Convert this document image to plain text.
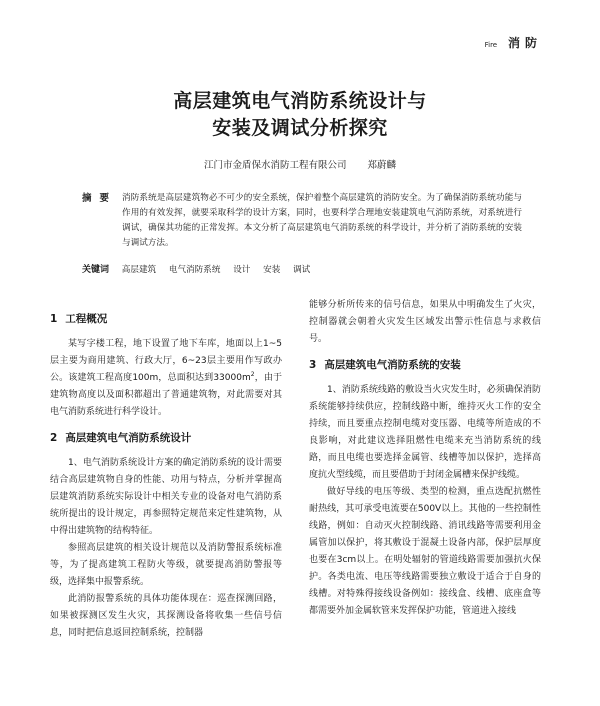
Fire 消防
高层建筑电气消防系统设计与
安装及调试分析探究
江门市金盾保水消防工程有限公司 郑蔚麟
摘要 消防系统是高层建筑物必不可少的安全系统，保护着整个高层建筑的消防安全。为了确保消防系统功能与作用的有效发挥，就要采取科学的设计方案，同时，也要科学合理地安装建筑电气消防系统，对系统进行调试，确保其功能的正常发挥。本文分析了高层建筑电气消防系统的科学设计，并分析了消防系统的安装与调试方法。
关键词 高层建筑 电气消防系统 设计 安装 调试
1 工程概况

某写字楼工程，地下设置了地下车库，地面以上1~5层主要为商用建筑、行政大厅，6~23层主要用作写政办公。该建筑工程高度100m，总面积达到$33000m^2$，由于建筑物高度以及面积都超出了普通建筑物，对此需要对其电气消防系统进行科学设计。

2 高层建筑电气消防系统设计

1、电气消防系统设计方案的确定消防系统的设计需要结合高层建筑物自身的性能、功用与特点，分析并掌握高层建筑消防系统实际设计中相关专业的设备对电气消防系统所提出的设计规定，再参照特定规范来定性建筑物，从中得出建筑物的结构特征。

参照高层建筑的相关设计规范以及消防警报系统标准等，为了提高建筑工程防火等级，就要提高消防警报等级，选择集中报警系统。

此消防报警系统的具体功能体现在：巡查探测回路，如果被探测区发生火灾，其探测设备将收集一些信号信息，同时把信息返回控制系统，控制器

能够分析所传来的信号信息，如果从中明确发生了火灾，控制器就会朝着火灾发生区域发出警示性信息与求救信号。

3 高层建筑电气消防系统的安装

1、消防系统线路的敷设当火灾发生时，必须确保消防系统能够持续供应，控制线路中断，维持灭火工作的安全持续，而且要重点控制电缆对变压器、电缆等所造成的不良影响，对此建议选择阻燃性电缆来充当消防系统的线路，而且电缆也要选择金属管、线槽等加以保护，选择高度抗火型线缆，而且要借助于封闭金属槽来保护线缆。

做好导线的电压等级、类型的检测，重点选配抗燃性耐热线，其可承受电流要在500V以上。其他的一些控制性线路，例如：自动灭火控制线路、消讯线路等需要利用金属管加以保护，将其敷设于混凝土设备内部，保护层厚度也要在3cm以上。在明处辐射的管道线路需要加强抗火保护。各类电流、电压等线路需要独立敷设于适合于自身的线槽。对特殊得接线设备例如：接线盒、线槽、底座盒等都需要外加金属软管来发挥保护功能，管道进入接线
